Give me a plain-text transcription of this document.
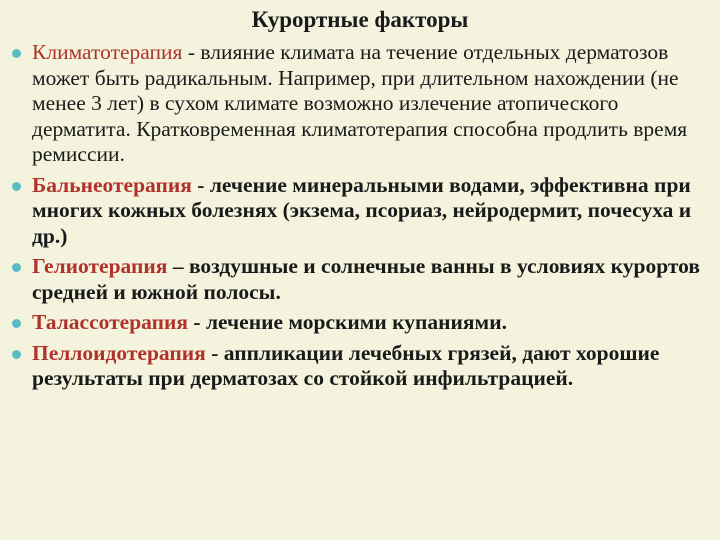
Курортные факторы
Климатотерапия - влияние климата на течение отдельных дерматозов может быть радикальным. Например, при длительном нахождении (не менее 3 лет) в сухом климате возможно излечение атопического дерматита. Кратковременная климатотерапия способна продлить время ремиссии.
Бальнеотерапия - лечение минеральными водами, эффективна при многих кожных болезнях (экзема, псориаз, нейродермит, почесуха и др.)
Гелиотерапия – воздушные и солнечные ванны в условиях курортов средней и южной полосы.
Талассотерапия - лечение морскими купаниями.
Пеллоидотерапия - аппликации лечебных грязей, дают хорошие результаты при дерматозах со стойкой инфильтрацией.
